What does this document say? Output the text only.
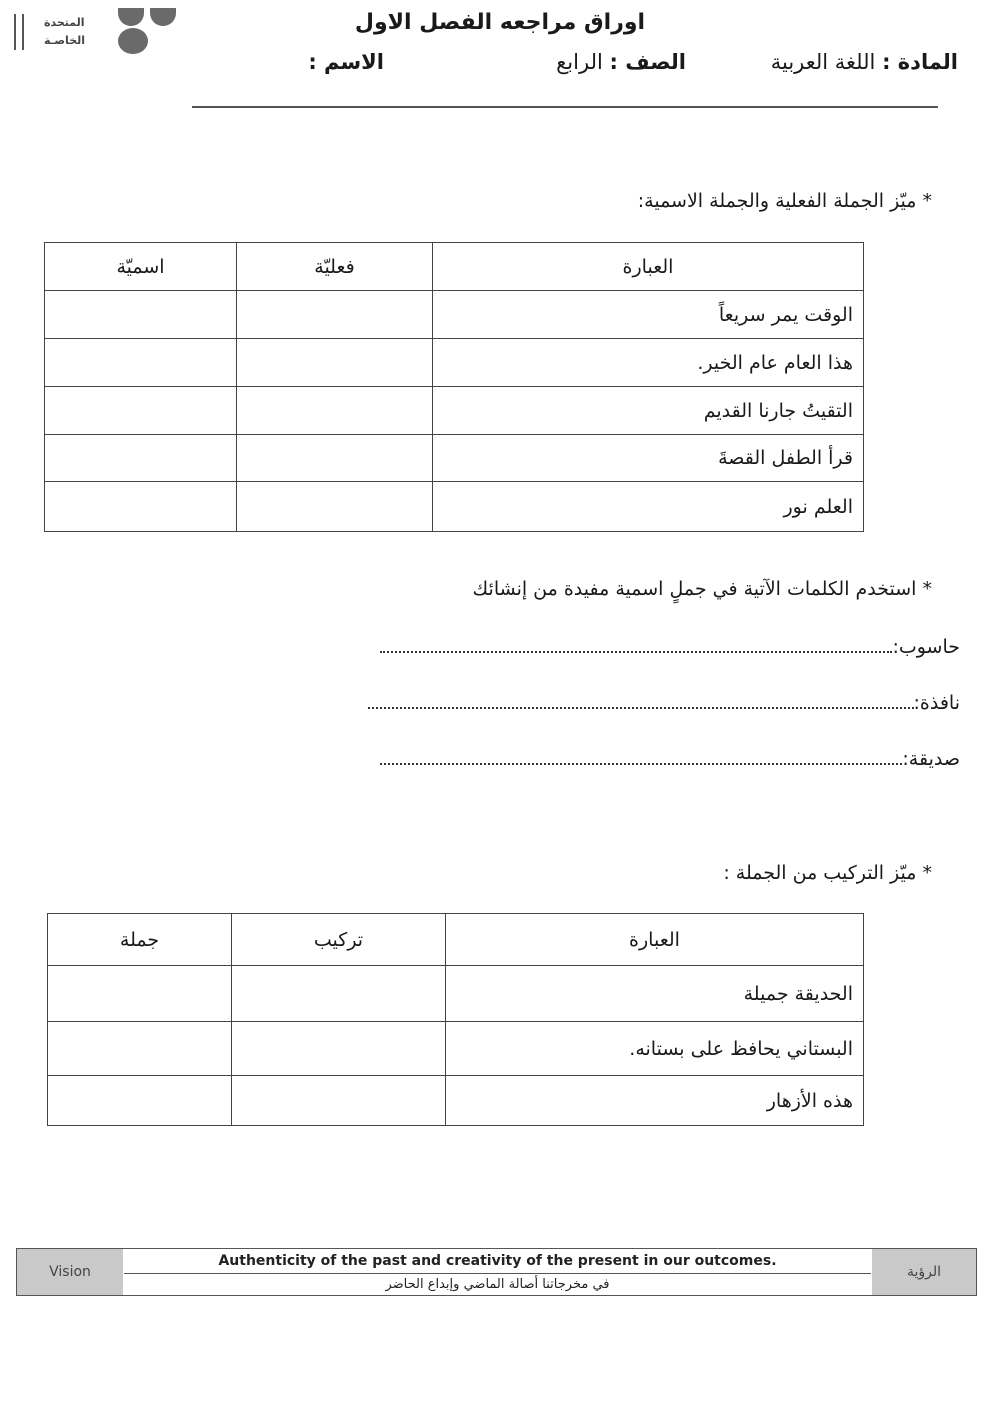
المتحدة
الخاصـة
اوراق مراجعه الفصل الاول
المادة : اللغة العربية
الصف : الرابع
الاسم :
* ميّز الجملة الفعلية والجملة الاسمية:
العبارة	فعليّة	اسميّة
الوقت يمر سريعاً		
هذا العام عام الخير.		
التقيتُ جارنا القديم		
قرأ الطفل القصةَ		
العلم نور		
* استخدم الكلمات الآتية في جملٍ اسمية مفيدة من إنشائك
حاسوب:
نافذة:
صديقة:
* ميّز التركيب من الجملة :
العبارة	تركيب	جملة
الحديقة جميلة		
البستاني يحافظ على بستانه.		
هذه الأزهار		
Vision
Authenticity of the past and creativity of the present in our outcomes.
في مخرجاتنا أصالة الماضي وإبداع الحاضر
الرؤية
